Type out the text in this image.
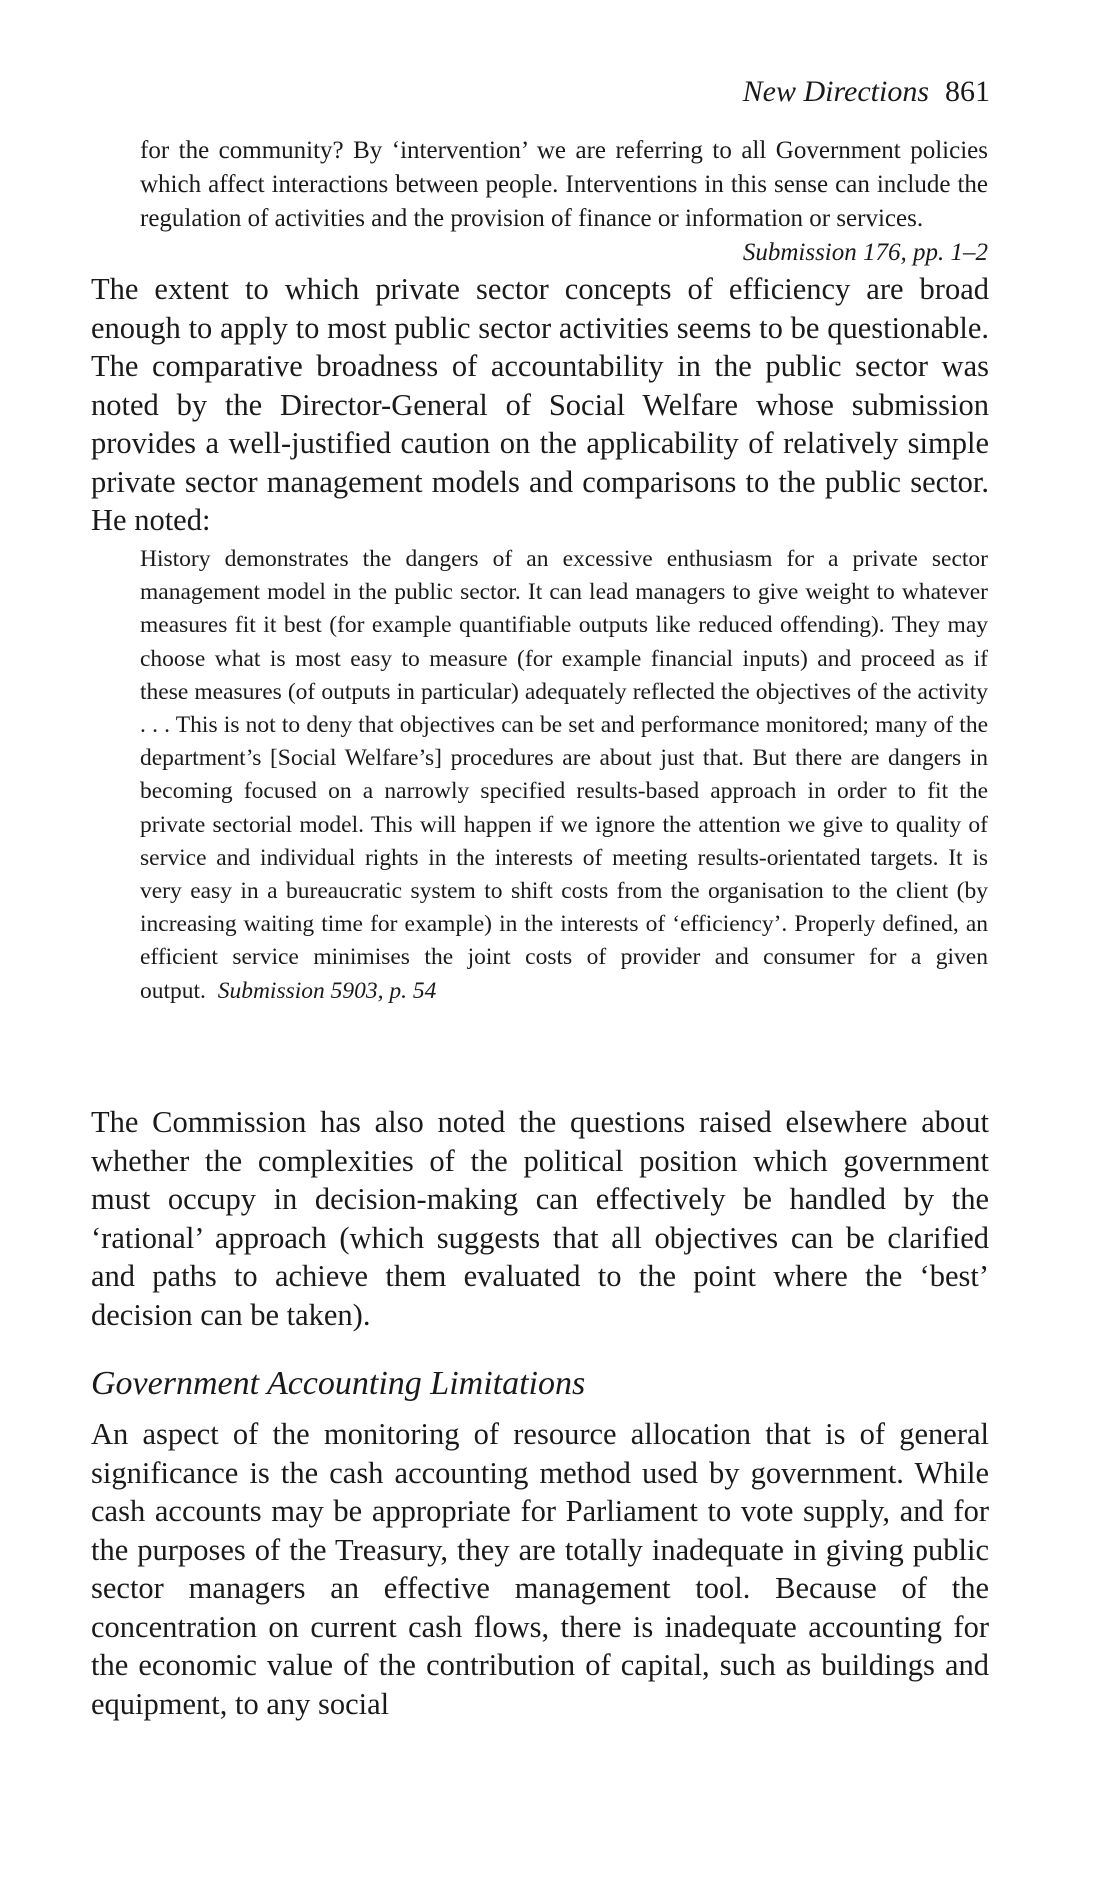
New Directions 861

for the community? By ‘intervention’ we are referring to all Government policies which affect interactions between people. Interventions in this sense can include the regulation of activities and the provision of finance or information or services.
Submission 176, pp. 1–2

The extent to which private sector concepts of efficiency are broad enough to apply to most public sector activities seems to be questionable. The comparative broadness of accountability in the public sector was noted by the Director-General of Social Welfare whose submission provides a well-justified caution on the applicability of relatively simple private sector management models and comparisons to the public sector. He noted:

History demonstrates the dangers of an excessive enthusiasm for a private sector management model in the public sector. It can lead managers to give weight to whatever measures fit it best (for example quantifiable outputs like reduced offending). They may choose what is most easy to measure (for example financial inputs) and proceed as if these measures (of outputs in particular) adequately reflected the objectives of the activity . . . This is not to deny that objectives can be set and performance monitored; many of the department’s [Social Welfare’s] procedures are about just that. But there are dangers in becoming focused on a narrowly specified results-based approach in order to fit the private sectorial model. This will happen if we ignore the attention we give to quality of service and individual rights in the interests of meeting results-orientated targets. It is very easy in a bureaucratic system to shift costs from the organisation to the client (by increasing waiting time for example) in the interests of ‘efficiency’. Properly defined, an efficient service minimises the joint costs of provider and consumer for a given output. Submission 5903, p. 54

The Commission has also noted the questions raised elsewhere about whether the complexities of the political position which government must occupy in decision-making can effectively be handled by the ‘rational’ approach (which suggests that all objectives can be clarified and paths to achieve them evaluated to the point where the ‘best’ decision can be taken).

Government Accounting Limitations

An aspect of the monitoring of resource allocation that is of general significance is the cash accounting method used by government. While cash accounts may be appropriate for Parliament to vote supply, and for the purposes of the Treasury, they are totally inadequate in giving public sector managers an effective management tool. Because of the concentration on current cash flows, there is inadequate accounting for the economic value of the contribution of capital, such as buildings and equipment, to any social
